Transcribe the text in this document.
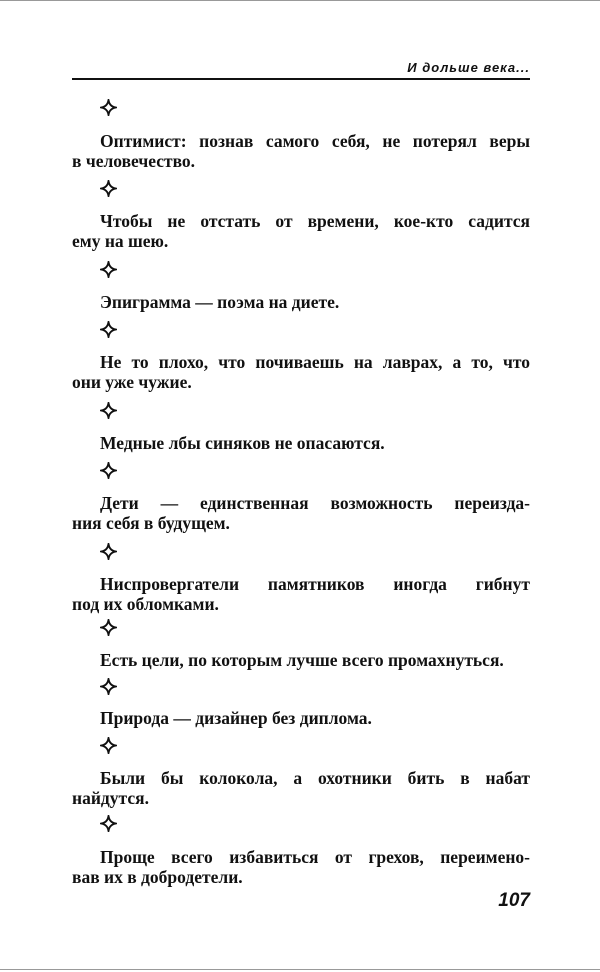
И дольше века...
Оптимист: познав самого себя, не потерял веры
в человечество.
Чтобы не отстать от времени, кое-кто садится
ему на шею.
Эпиграмма — поэма на диете.
Не то плохо, что почиваешь на лаврах, а то, что
они уже чужие.
Медные лбы синяков не опасаются.
Дети — единственная возможность переизда-
ния себя в будущем.
Ниспровергатели памятников иногда гибнут
под их обломками.
Есть цели, по которым лучше всего промахнуться.
Природа — дизайнер без диплома.
Были бы колокола, а охотники бить в набат
найдутся.
Проще всего избавиться от грехов, переимено-
вав их в добродетели.
107
